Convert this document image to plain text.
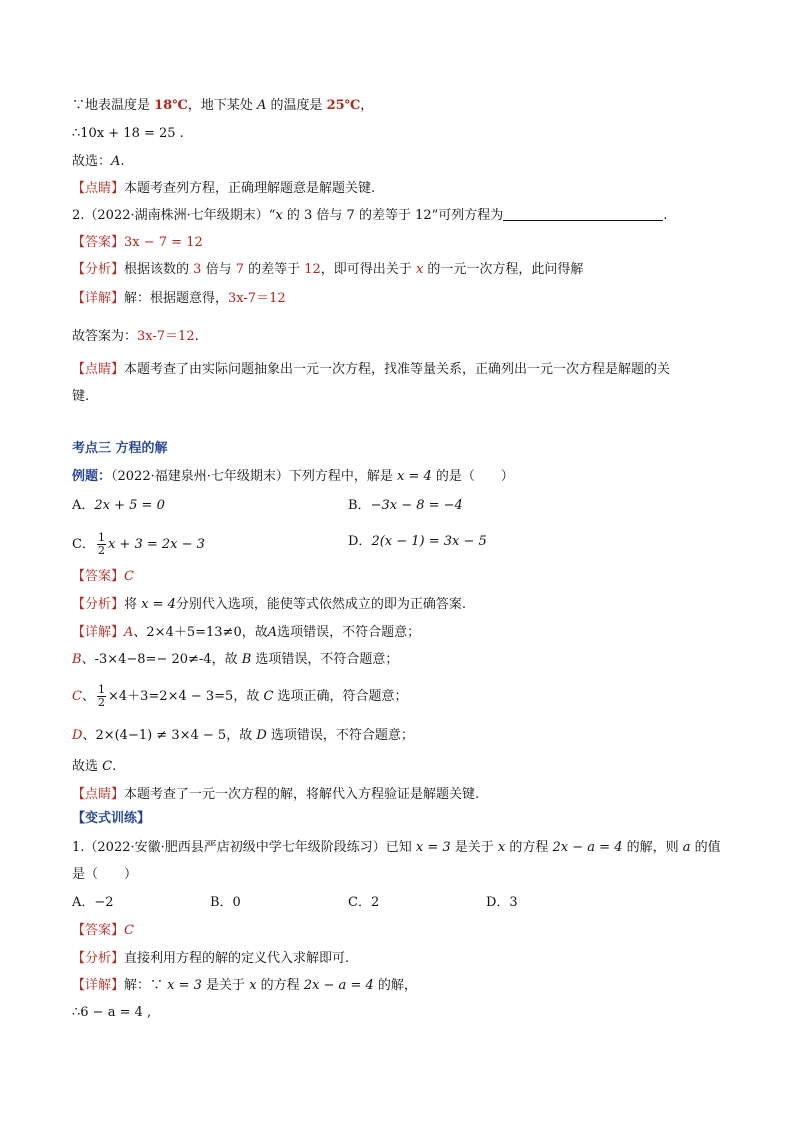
∵地表温度是 18℃，地下某处 A 的温度是 25℃，
∴10x + 18 = 25 .
故选：A.
【点睛】本题考查列方程，正确理解题意是解题关键.
2.（2022·湖南株洲·七年级期末）“x 的 3 倍与 7 的差等于 12”可列方程为	.
【答案】3x − 7 = 12
【分析】根据该数的 3 倍与 7 的差等于 12，即可得出关于 x 的一元一次方程，此问得解
【详解】解：根据题意得，3x-7＝12
故答案为：3x-7＝12.
【点睛】本题考查了由实际问题抽象出一元一次方程，找准等量关系，正确列出一元一次方程是解题的关
键.
考点三 方程的解
例题：（2022·福建泉州·七年级期末）下列方程中，解是 x = 4 的是（　　）
A．2x + 5 = 0	B．−3x − 8 = −4
C． $\frac{1}{2}$ x + 3 = 2x − 3	D．2(x − 1) = 3x − 5
【答案】C
【分析】将 x = 4分别代入选项，能使等式依然成立的即为正确答案.
【详解】A、2×4＋5=13≠0，故A选项错误，不符合题意；
B、-3×4−8=− 20≠-4，故 B 选项错误，不符合题意；
C、 $\frac{1}{2} \times 4+3=2\times 4 - 3=5$，故 C 选项正确，符合题意；
D、2×(4−1) ≠ 3×4 − 5，故 D 选项错误，不符合题意；
故选 C.
【点睛】本题考查了一元一次方程的解，将解代入方程验证是解题关键.
【变式训练】
1.（2022·安徽·肥西县严店初级中学七年级阶段练习）已知 x = 3 是关于 x 的方程 2x − a = 4 的解，则 a 的值
是（　　）
A．−2	B．0	C．2	D．3
【答案】C
【分析】直接利用方程的解的定义代入求解即可.
【详解】解：∵ x = 3 是关于 x 的方程 2x − a = 4 的解，
∴6 − a = 4 ,
